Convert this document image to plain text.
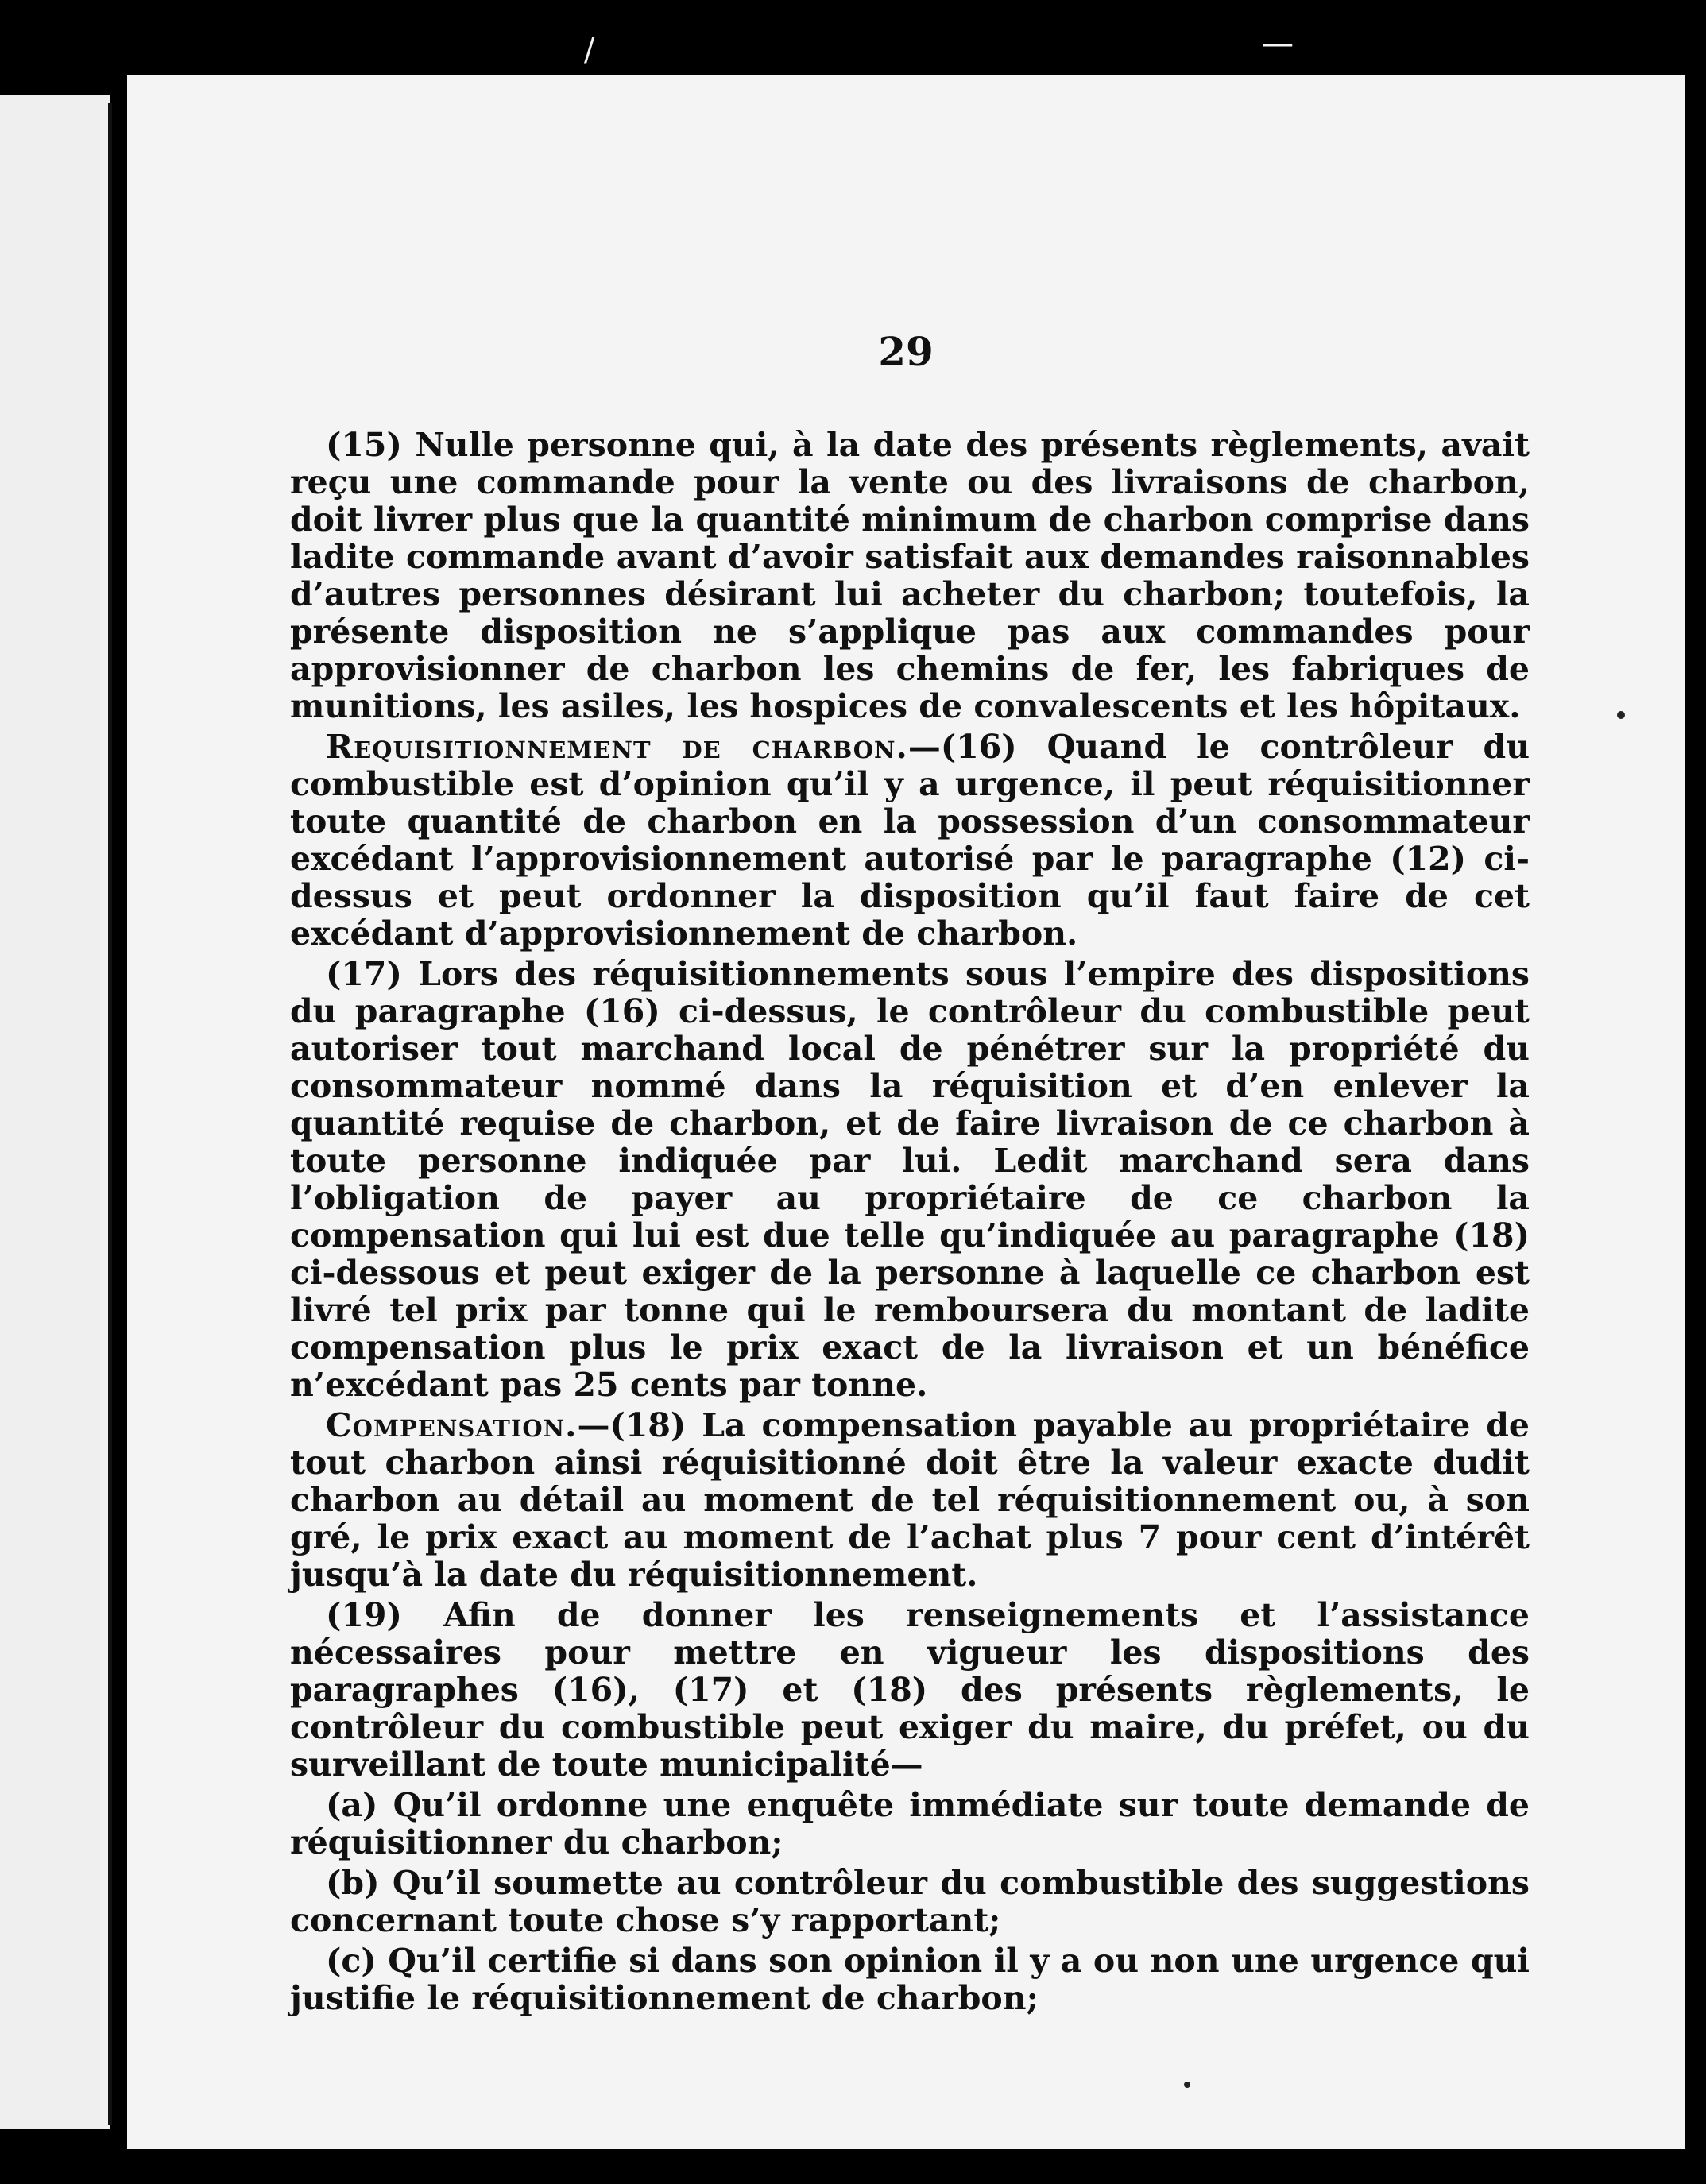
/	—
29

(15) Nulle personne qui, à la date des présents règlements, avait reçu une commande pour la vente ou des livraisons de charbon, doit livrer plus que la quantité minimum de charbon comprise dans ladite commande avant d’avoir satisfait aux demandes raisonnables d’autres personnes désirant lui acheter du charbon; toutefois, la présente disposition ne s’applique pas aux commandes pour approvisionner de charbon les chemins de fer, les fabriques de munitions, les asiles, les hospices de convalescents et les hôpitaux.

Requisitionnement de charbon.—(16) Quand le contrôleur du combustible est d’opinion qu’il y a urgence, il peut réquisitionner toute quantité de charbon en la possession d’un consommateur excédant l’approvisionnement autorisé par le paragraphe (12) ci-dessus et peut ordonner la disposition qu’il faut faire de cet excédant d’approvisionnement de charbon.

(17) Lors des réquisitionnements sous l’empire des dispositions du paragraphe (16) ci-dessus, le contrôleur du combustible peut autoriser tout marchand local de pénétrer sur la propriété du consommateur nommé dans la réquisition et d’en enlever la quantité requise de charbon, et de faire livraison de ce charbon à toute personne indiquée par lui. Ledit marchand sera dans l’obligation de payer au propriétaire de ce charbon la compensation qui lui est due telle qu’indiquée au paragraphe (18) ci-dessous et peut exiger de la personne à laquelle ce charbon est livré tel prix par tonne qui le remboursera du montant de ladite compensation plus le prix exact de la livraison et un bénéfice n’excédant pas 25 cents par tonne.

Compensation.—(18) La compensation payable au propriétaire de tout charbon ainsi réquisitionné doit être la valeur exacte dudit charbon au détail au moment de tel réquisitionnement ou, à son gré, le prix exact au moment de l’achat plus 7 pour cent d’intérêt jusqu’à la date du réquisitionnement.

(19) Afin de donner les renseignements et l’assistance nécessaires pour mettre en vigueur les dispositions des paragraphes (16), (17) et (18) des présents règlements, le contrôleur du combustible peut exiger du maire, du préfet, ou du surveillant de toute municipalité—

(a) Qu’il ordonne une enquête immédiate sur toute demande de réquisitionner du charbon;

(b) Qu’il soumette au contrôleur du combustible des suggestions concernant toute chose s’y rapportant;

(c) Qu’il certifie si dans son opinion il y a ou non une urgence qui justifie le réquisitionnement de charbon;
